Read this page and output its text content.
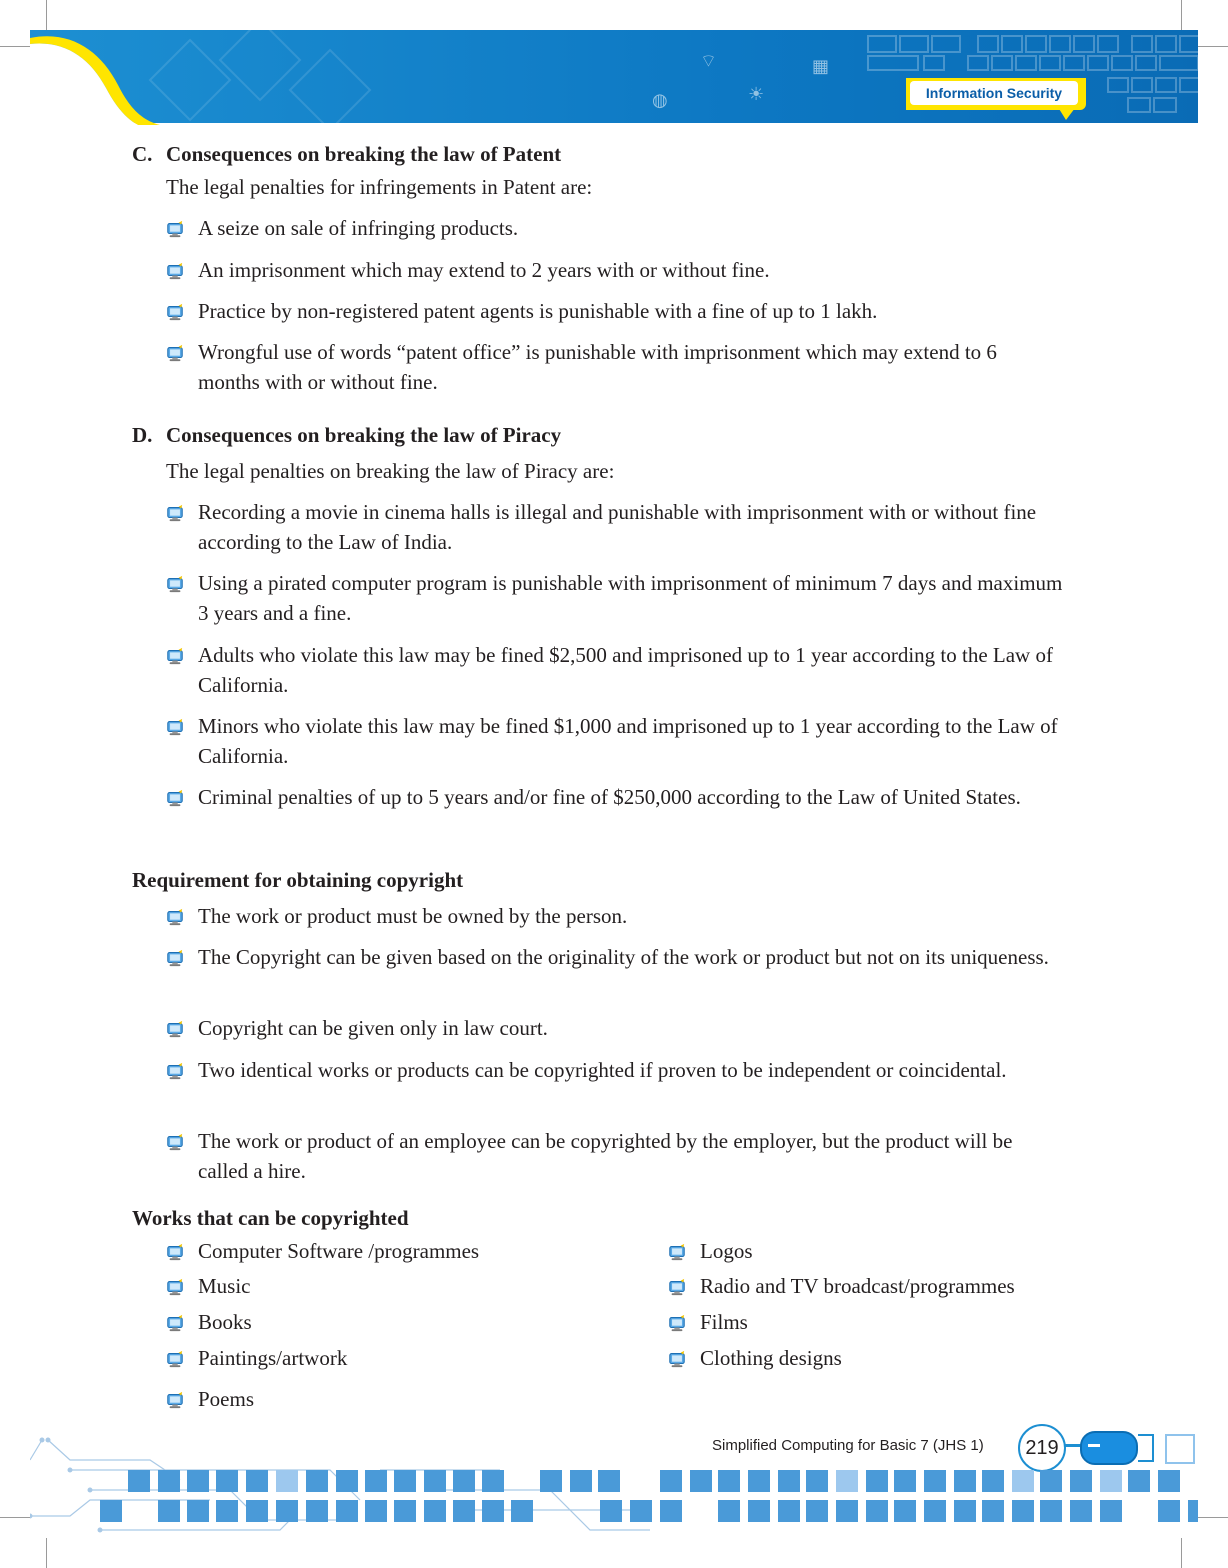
⌔	▦
◍	☀	Information Security
C. Consequences on breaking the law of Patent
The legal penalties for infringements in Patent are:
A seize on sale of infringing products.
An imprisonment which may extend to 2 years with or without fine.
Practice by non-registered patent agents is punishable with a fine of up to 1 lakh.
Wrongful use of words “patent office” is punishable with imprisonment which may extend to 6 months with or without fine.
D. Consequences on breaking the law of Piracy
The legal penalties on breaking the law of Piracy are:
Recording a movie in cinema halls is illegal and punishable with imprisonment with or without fine according to the Law of India.
Using a pirated computer program is punishable with imprisonment of minimum 7 days and maximum 3 years and a fine.
Adults who violate this law may be fined $2,500 and imprisoned up to 1 year according to the Law of California.
Minors who violate this law may be fined $1,000 and imprisoned up to 1 year according to the Law of California.
Criminal penalties of up to 5 years and/or fine of $250,000 according to the Law of United States.
Requirement for obtaining copyright
The work or product must be owned by the person.
The Copyright can be given based on the originality of the work or product but not on its uniqueness.
Copyright can be given only in law court.
Two identical works or products can be copyrighted if proven to be independent or coincidental.
The work or product of an employee can be copyrighted by the employer, but the product will be called a hire.
Works that can be copyrighted
Computer Software /programmes
Music
Books
Paintings/artwork
Poems
Logos
Radio and TV broadcast/programmes
Films
Clothing designs
Simplified Computing for Basic 7 (JHS 1)	219
